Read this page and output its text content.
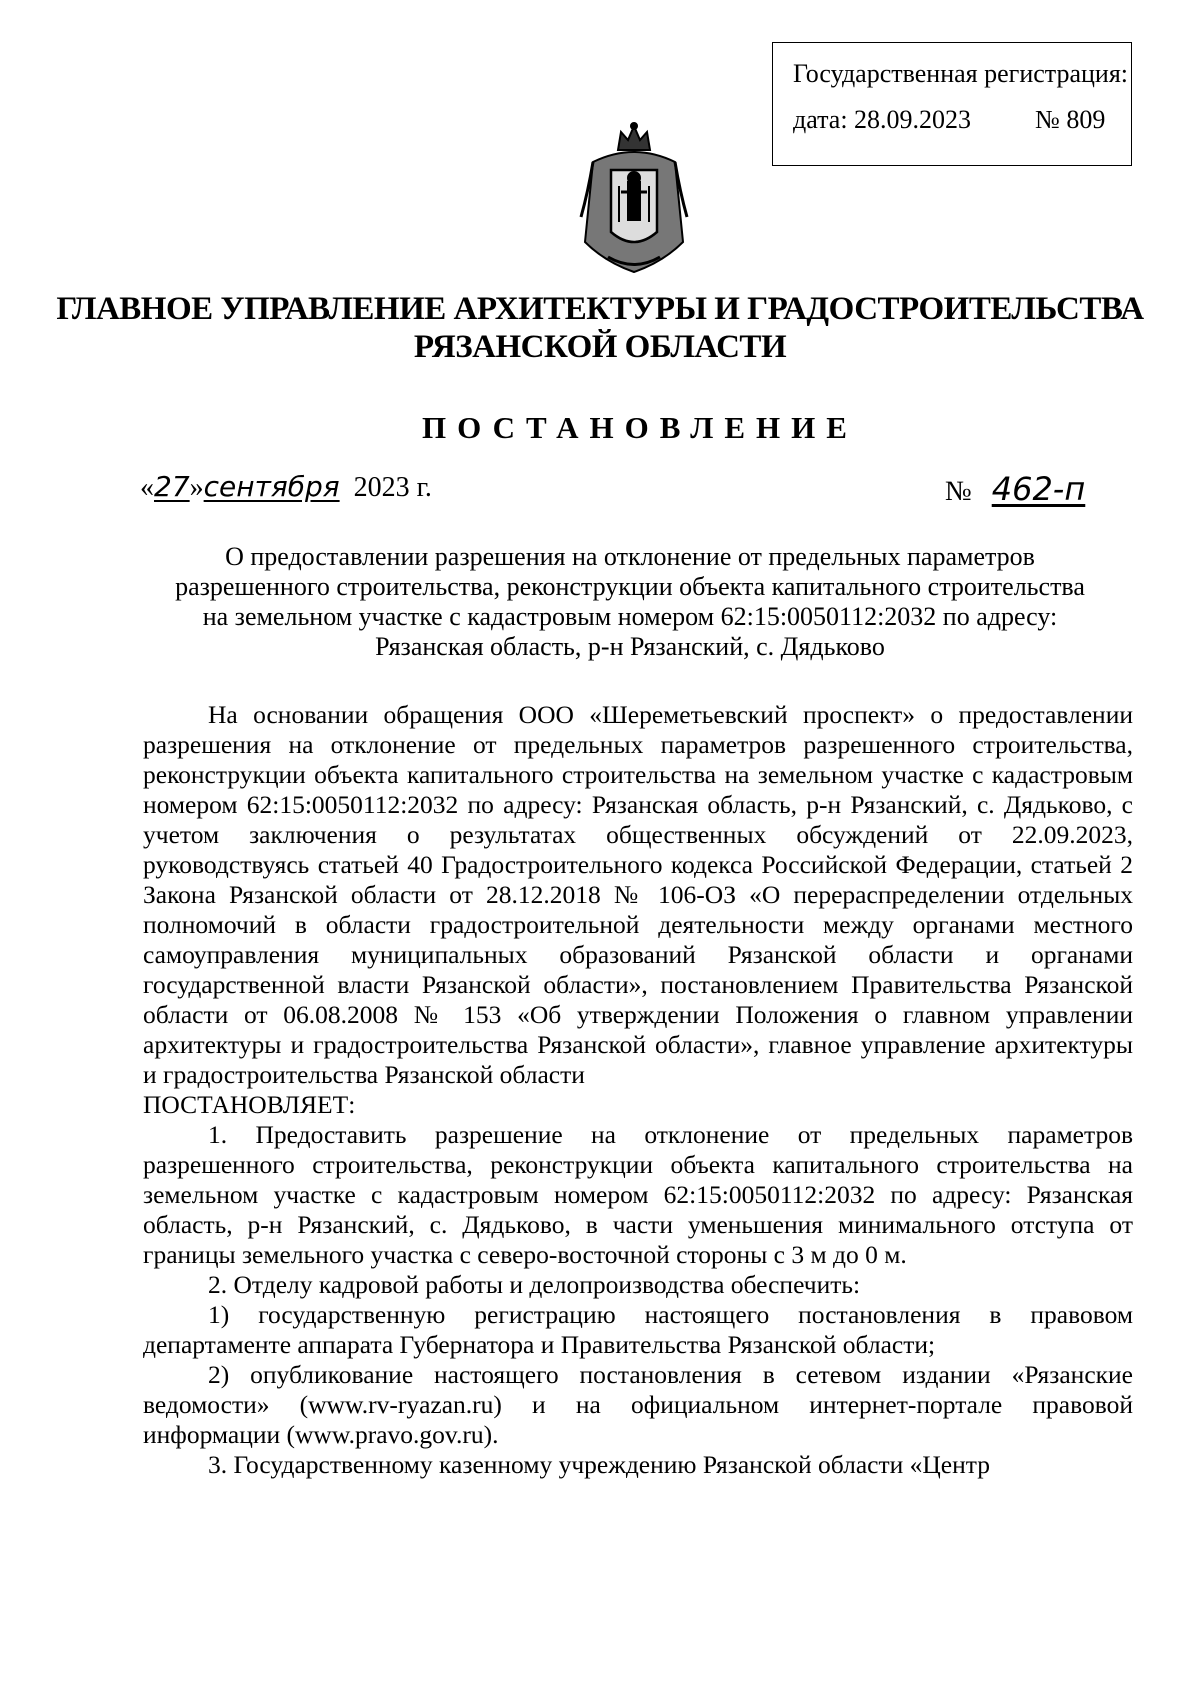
Государственная регистрация:
дата: 28.09.2023 № 809
ГЛАВНОЕ УПРАВЛЕНИЕ АРХИТЕКТУРЫ И ГРАДОСТРОИТЕЛЬСТВА
РЯЗАНСКОЙ ОБЛАСТИ
ПОСТАНОВЛЕНИЕ
« 27 » сентября 2023 г.	№ 462-п
О предоставлении разрешения на отклонение от предельных параметров
разрешенного строительства, реконструкции объекта капитального строительства
на земельном участке с кадастровым номером 62:15:0050112:2032 по адресу:
Рязанская область, р-н Рязанский, с. Дядьково

На основании обращения ООО «Шереметьевский проспект» о предоставлении разрешения на отклонение от предельных параметров разрешенного строительства, реконструкции объекта капитального строительства на земельном участке с кадастровым номером 62:15:0050112:2032 по адресу: Рязанская область, р-н Рязанский, с. Дядьково, с учетом заключения о результатах общественных обсуждений от 22.09.2023, руководствуясь статьей 40 Градостроительного кодекса Российской Федерации, статьей 2 Закона Рязанской области от 28.12.2018 № 106-ОЗ «О перераспределении отдельных полномочий в области градостроительной деятельности между органами местного самоуправления муниципальных образований Рязанской области и органами государственной власти Рязанской области», постановлением Правительства Рязанской области от 06.08.2008 № 153 «Об утверждении Положения о главном управлении архитектуры и градостроительства Рязанской области», главное управление архитектуры и градостроительства Рязанской области

ПОСТАНОВЛЯЕТ:

1. Предоставить разрешение на отклонение от предельных параметров разрешенного строительства, реконструкции объекта капитального строительства на земельном участке с кадастровым номером 62:15:0050112:2032 по адресу: Рязанская область, р-н Рязанский, с. Дядьково, в части уменьшения минимального отступа от границы земельного участка с северо-восточной стороны с 3 м до 0 м.

2. Отделу кадровой работы и делопроизводства обеспечить:

1) государственную регистрацию настоящего постановления в правовом департаменте аппарата Губернатора и Правительства Рязанской области;

2) опубликование настоящего постановления в сетевом издании «Рязанские ведомости» (www.rv-ryazan.ru) и на официальном интернет-портале правовой информации (www.pravo.gov.ru).

3. Государственному казенному учреждению Рязанской области «Центр
